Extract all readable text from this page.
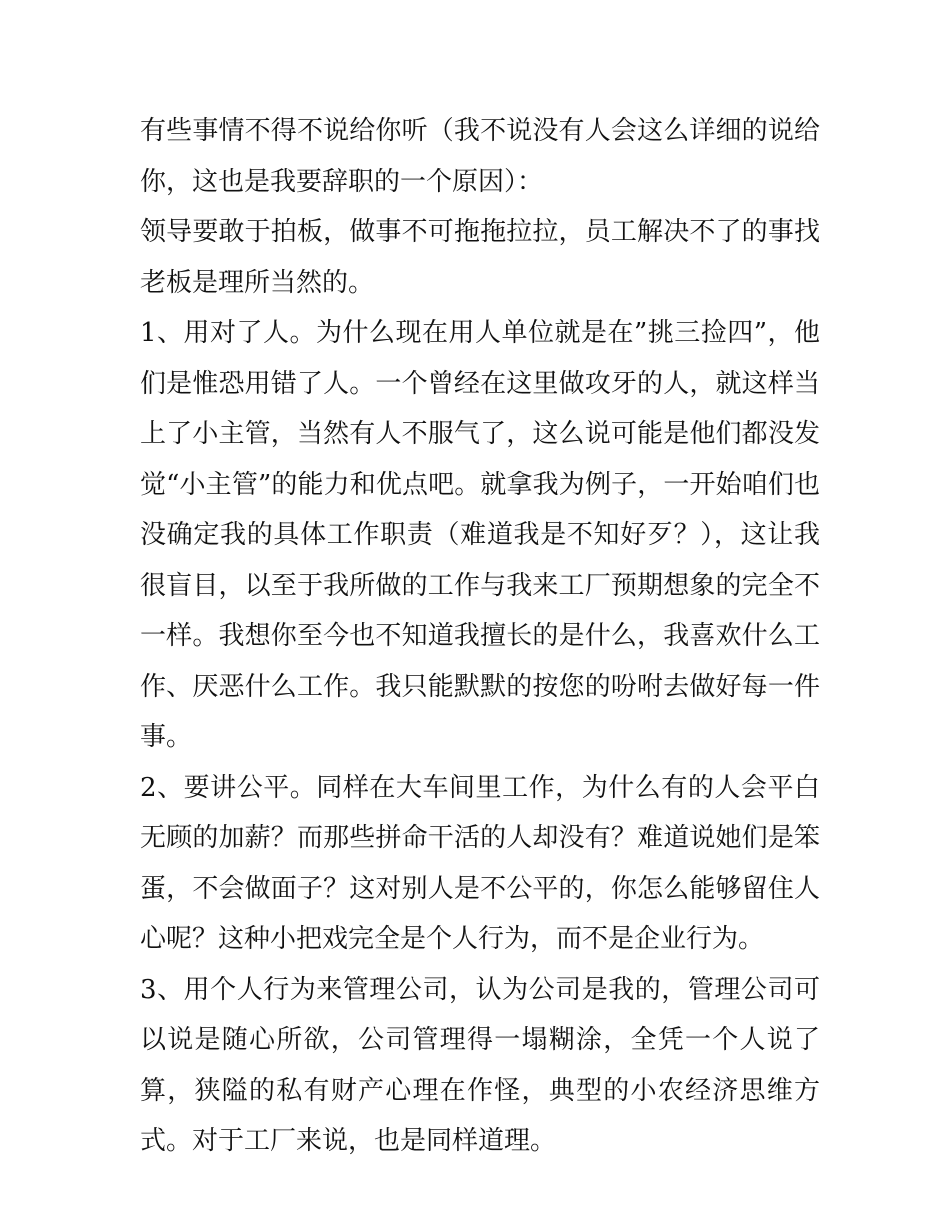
有些事情不得不说给你听（我不说没有人会这么详细的说给你，这也是我要辞职的一个原因）：

领导要敢于拍板，做事不可拖拖拉拉，员工解决不了的事找老板是理所当然的。

1、用对了人。为什么现在用人单位就是在”挑三捡四”，他们是惟恐用错了人。一个曾经在这里做攻牙的人，就这样当上了小主管，当然有人不服气了，这么说可能是他们都没发觉“小主管”的能力和优点吧。就拿我为例子，一开始咱们也没确定我的具体工作职责（难道我是不知好歹？），这让我很盲目，以至于我所做的工作与我来工厂预期想象的完全不一样。我想你至今也不知道我擅长的是什么，我喜欢什么工作、厌恶什么工作。我只能默默的按您的吩咐去做好每一件事。

2、要讲公平。同样在大车间里工作，为什么有的人会平白无顾的加薪？而那些拼命干活的人却没有？难道说她们是笨蛋，不会做面子？这对别人是不公平的，你怎么能够留住人心呢？这种小把戏完全是个人行为，而不是企业行为。

3、用个人行为来管理公司，认为公司是我的，管理公司可以说是随心所欲，公司管理得一塌糊涂，全凭一个人说了算，狭隘的私有财产心理在作怪，典型的小农经济思维方式。对于工厂来说，也是同样道理。
